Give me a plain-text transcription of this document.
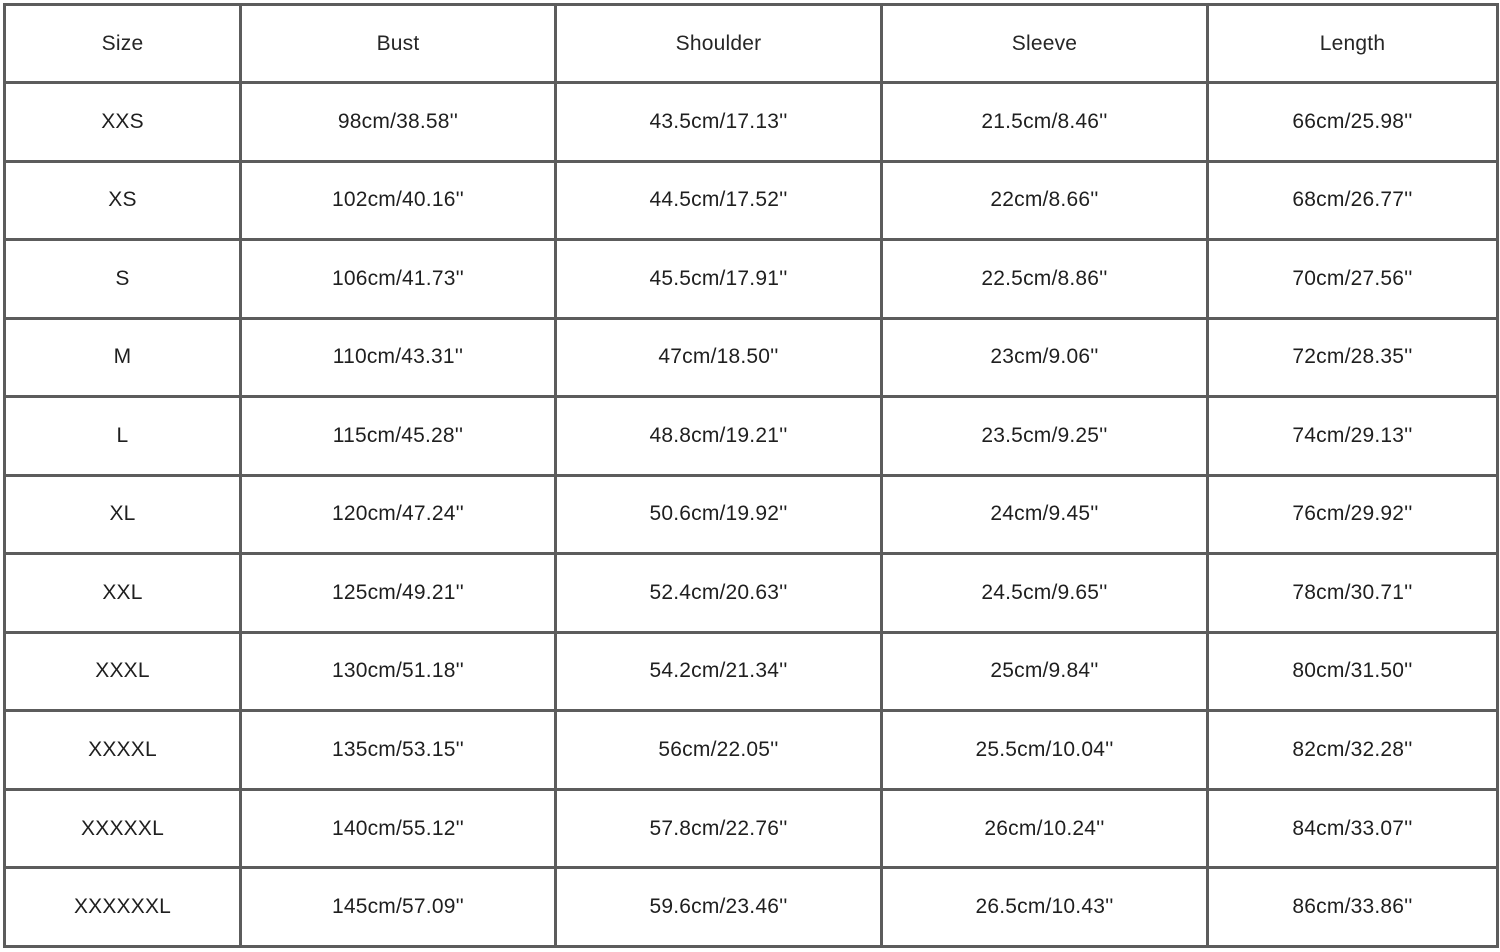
Size	Bust	Shoulder	Sleeve	Length
XXS	98cm/38.58''	43.5cm/17.13''	21.5cm/8.46''	66cm/25.98''
XS	102cm/40.16''	44.5cm/17.52''	22cm/8.66''	68cm/26.77''
S	106cm/41.73''	45.5cm/17.91''	22.5cm/8.86''	70cm/27.56''
M	110cm/43.31''	47cm/18.50''	23cm/9.06''	72cm/28.35''
L	115cm/45.28''	48.8cm/19.21''	23.5cm/9.25''	74cm/29.13''
XL	120cm/47.24''	50.6cm/19.92''	24cm/9.45''	76cm/29.92''
XXL	125cm/49.21''	52.4cm/20.63''	24.5cm/9.65''	78cm/30.71''
XXXL	130cm/51.18''	54.2cm/21.34''	25cm/9.84''	80cm/31.50''
XXXXL	135cm/53.15''	56cm/22.05''	25.5cm/10.04''	82cm/32.28''
XXXXXL	140cm/55.12''	57.8cm/22.76''	26cm/10.24''	84cm/33.07''
XXXXXXL	145cm/57.09''	59.6cm/23.46''	26.5cm/10.43''	86cm/33.86''
